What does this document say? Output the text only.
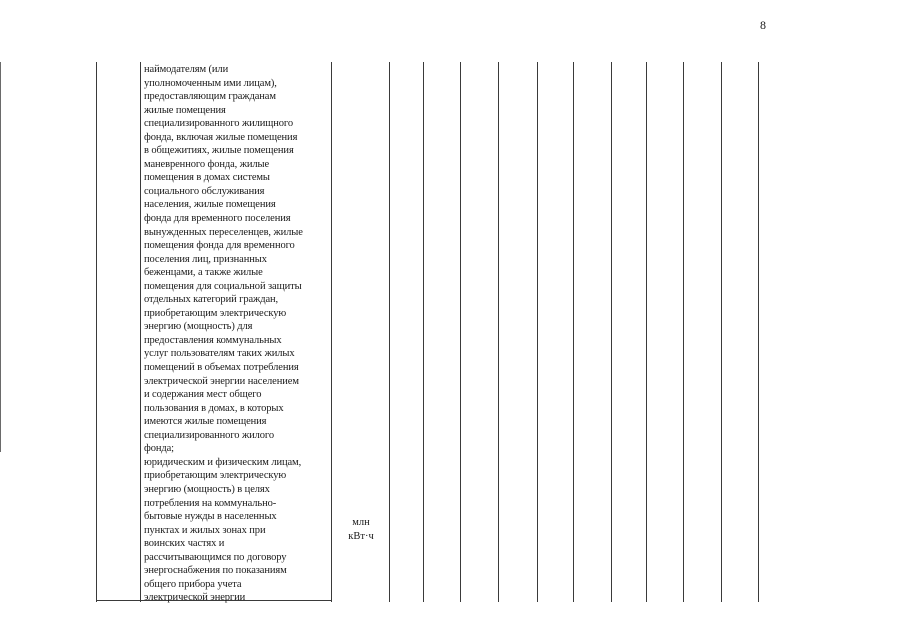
8
наймодателям (или
уполномоченным ими лицам),
предоставляющим гражданам
жилые помещения
специализированного жилищного
фонда, включая жилые помещения
в общежитиях, жилые помещения
маневренного фонда, жилые
помещения в домах системы
социального обслуживания
населения, жилые помещения
фонда для временного поселения
вынужденных переселенцев, жилые
помещения фонда для временного
поселения лиц, признанных
беженцами, а также жилые
помещения для социальной защиты
отдельных категорий граждан,
приобретающим электрическую
энергию (мощность) для
предоставления коммунальных
услуг пользователям таких жилых
помещений в объемах потребления
электрической энергии населением
и содержания мест общего
пользования в домах, в которых
имеются жилые помещения
специализированного жилого
фонда;
юридическим и физическим лицам,
приобретающим электрическую
энергию (мощность) в целях
потребления на коммунально-
бытовые нужды в населенных
пунктах и жилых зонах при
воинских частях и
рассчитывающимся по договору
энергоснабжения по показаниям
общего прибора учета
электрической энергии
млн
кВт·ч
